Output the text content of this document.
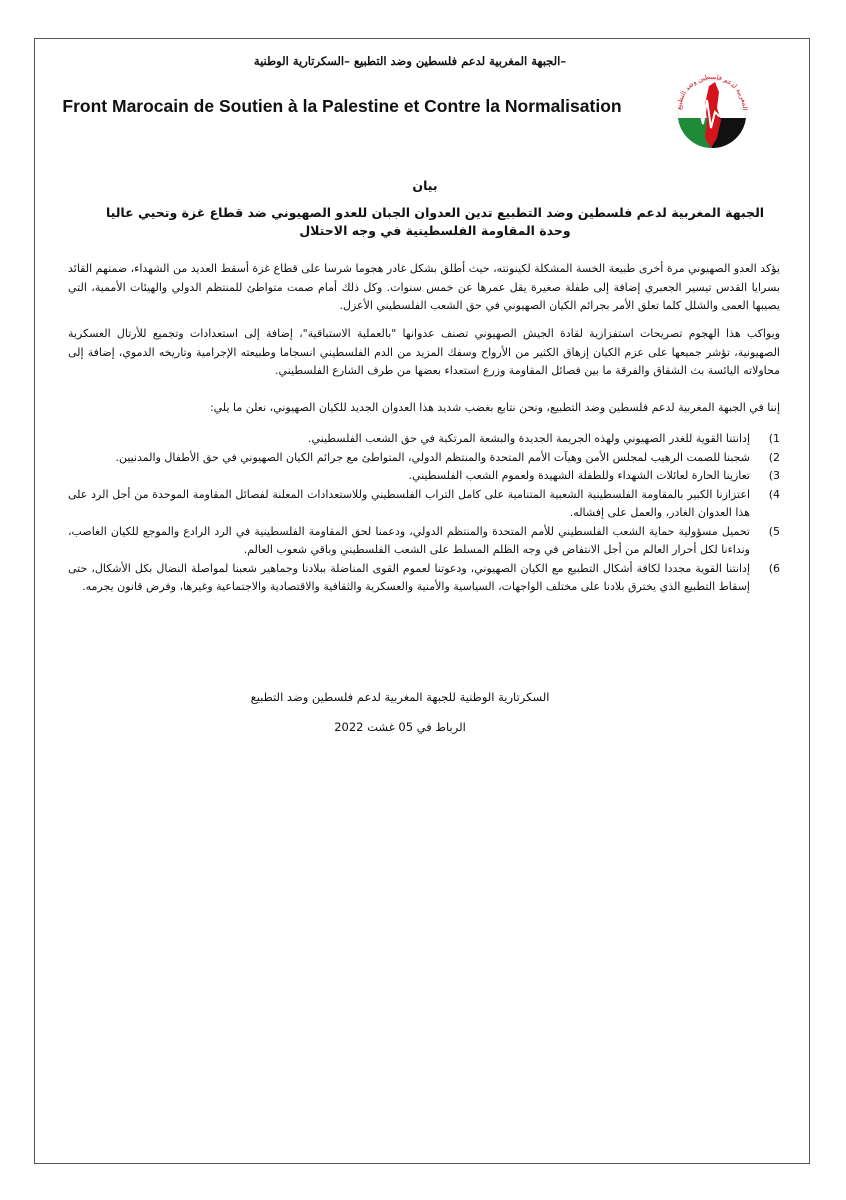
الجبهة المغربية لدعم فلسطين وضد التطبيع –السكرتارية الوطنية–
Front Marocain de Soutien à la Palestine et Contre la Normalisation
المغربية لدعم فلسطين وضد التطبيع
بيان
الجبهة المغربية لدعم فلسطين وضد التطبيع تدين العدوان الجبان للعدو الصهيوني ضد قطاع غزة وتحيي عاليا وحدة المقاومة الفلسطينية في وجه الاحتلال
يؤكد العدو الصهيوني مرة أخرى طبيعة الخسة المشكلة لكينونته، حيث أطلق بشكل غادر هجوما شرسا على قطاع غزة أسقط العديد من الشهداء، ضمنهم القائد بسرايا القدس تيسير الجعبري إضافة إلى طفلة صغيرة يقل عمرها عن خمس سنوات. وكل ذلك أمام صمت متواطئ للمنتظم الدولي والهيئات الأممية، التي يصيبها العمى والشلل كلما تعلق الأمر بجرائم الكيان الصهيوني في حق الشعب الفلسطيني الأعزل.
ويواكب هذا الهجوم تصريحات استفزازية لقادة الجيش الصهيوني تصنف عدوانها "بالعملية الاستباقية"، إضافة إلى استعدادات وتجميع للأرتال العسكرية الصهيونية، تؤشر جميعها على عزم الكيان إزهاق الكثير من الأرواح وسفك المزيد من الدم الفلسطيني انسجاما وطبيعته الإجرامية وتاريخه الدموي، إضافة إلى محاولاته اليائسة بث الشقاق والفرقة ما بين فصائل المقاومة وزرع استعداء بعضها من طرف الشارع الفلسطيني.
إننا في الجبهة المغربية لدعم فلسطين وضد التطبيع، ونحن نتابع بغضب شديد هذا العدوان الجديد للكيان الصهيوني، نعلن ما يلي:
1)
إدانتنا القوية للغدر الصهيوني ولهذه الجريمة الجديدة والبشعة المرتكبة في حق الشعب الفلسطيني.
2)
شجبنا للصمت الرهيب لمجلس الأمن وهيآت الأمم المتحدة والمنتظم الدولي، المتواطئ مع جرائم الكيان الصهيوني في حق الأطفال والمدنيين.
3)
تعازينا الحارة لعائلات الشهداء وللطفلة الشهيدة ولعموم الشعب الفلسطيني.
4)
اعتزازنا الكبير بالمقاومة الفلسطينية الشعبية المتنامية على كامل التراب الفلسطيني وللاستعدادات المعلنة لفصائل المقاومة الموحدة من أجل الرد على هذا العدوان الغادر، والعمل على إفشاله.
5)
تحميل مسؤولية حماية الشعب الفلسطيني للأمم المتحدة والمنتظم الدولي، ودعمنا لحق المقاومة الفلسطينية في الرد الرادع والموجع للكيان الغاصب، ونداءنا لكل أحرار العالم من أجل الانتفاض في وجه الظلم المسلط على الشعب الفلسطيني وباقي شعوب العالم.
6)
إدانتنا القوية مجددا لكافة أشكال التطبيع مع الكيان الصهيوني، ودعوتنا لعموم القوى المناضلة ببلادنا وجماهير شعبنا لمواصلة النضال بكل الأشكال، حتى إسقاط التطبيع الذي يخترق بلادنا على مختلف الواجهات، السياسية والأمنية والعسكرية والثقافية والاقتصادية والاجتماعية وغيرها، وفرض قانون يجرمه.
السكرتارية الوطنية للجبهة المغربية لدعم فلسطين وضد التطبيع
الرباط في 05 غشت 2022
